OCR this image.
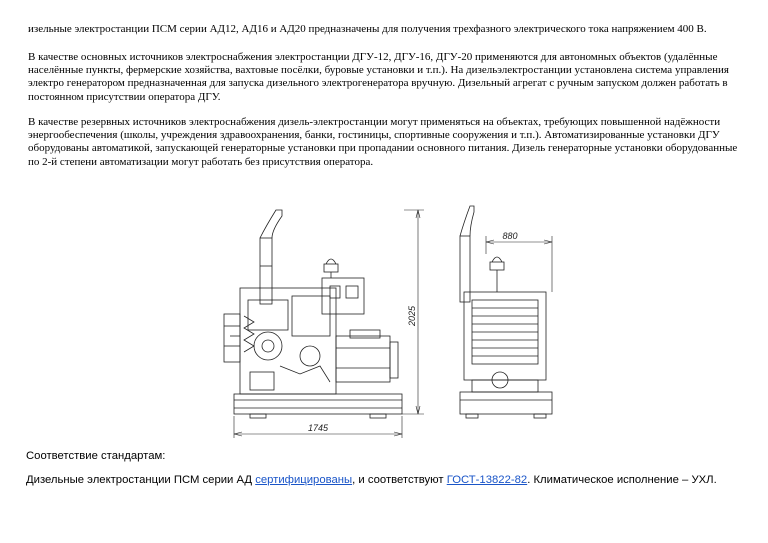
изельные электростанции ПСМ серии АД12, АД16 и АД20 предназначены для получения трехфазного электрического тока напряжением 400 В.

В качестве основных источников электроснабжения электростанции ДГУ-12, ДГУ-16, ДГУ-20 применяются для автономных объектов (удалённые населённые пункты, фермерские хозяйства, вахтовые посёлки, буровые установки и т.п.). На дизельэлектростанции установлена система управления электро генератором предназначенная для запуска дизельного электрогенератора вручную. Дизельный агрегат с ручным запуском должен работать в постоянном присутствии оператора ДГУ.

В качестве резервных источников электроснабжения дизель-электростанции могут применяться на объектах, требующих повышенной надёжности энергообеспечения (школы, учреждения здравоохранения, банки, гостиницы, спортивные сооружения и т.п.). Автоматизированные установки ДГУ оборудованы автоматикой, запускающей генераторные установки при пропадании основного питания. Дизель генераторные установки оборудованные по 2-й степени автоматизации могут работать без присутствия оператора.

1745
2025
880

Соответствие стандартам:

Дизельные электростанции ПСМ серии АД сертифицированы, и соответствуют ГОСТ-13822-82. Климатическое исполнение – УХЛ.
